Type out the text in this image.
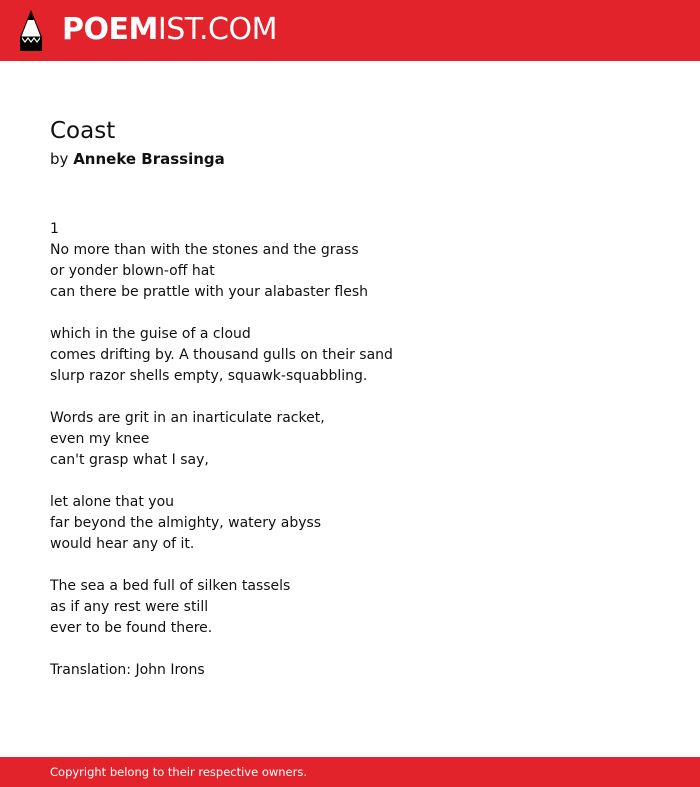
POEMIST.COM
Coast
by Anneke Brassinga
1
No more than with the stones and the grass
or yonder blown-off hat
can there be prattle with your alabaster flesh
which in the guise of a cloud
comes drifting by. A thousand gulls on their sand
slurp razor shells empty, squawk-squabbling.
Words are grit in an inarticulate racket,
even my knee
can't grasp what I say,
let alone that you
far beyond the almighty, watery abyss
would hear any of it.
The sea a bed full of silken tassels
as if any rest were still
ever to be found there.
Translation: John Irons
Copyright belong to their respective owners.
